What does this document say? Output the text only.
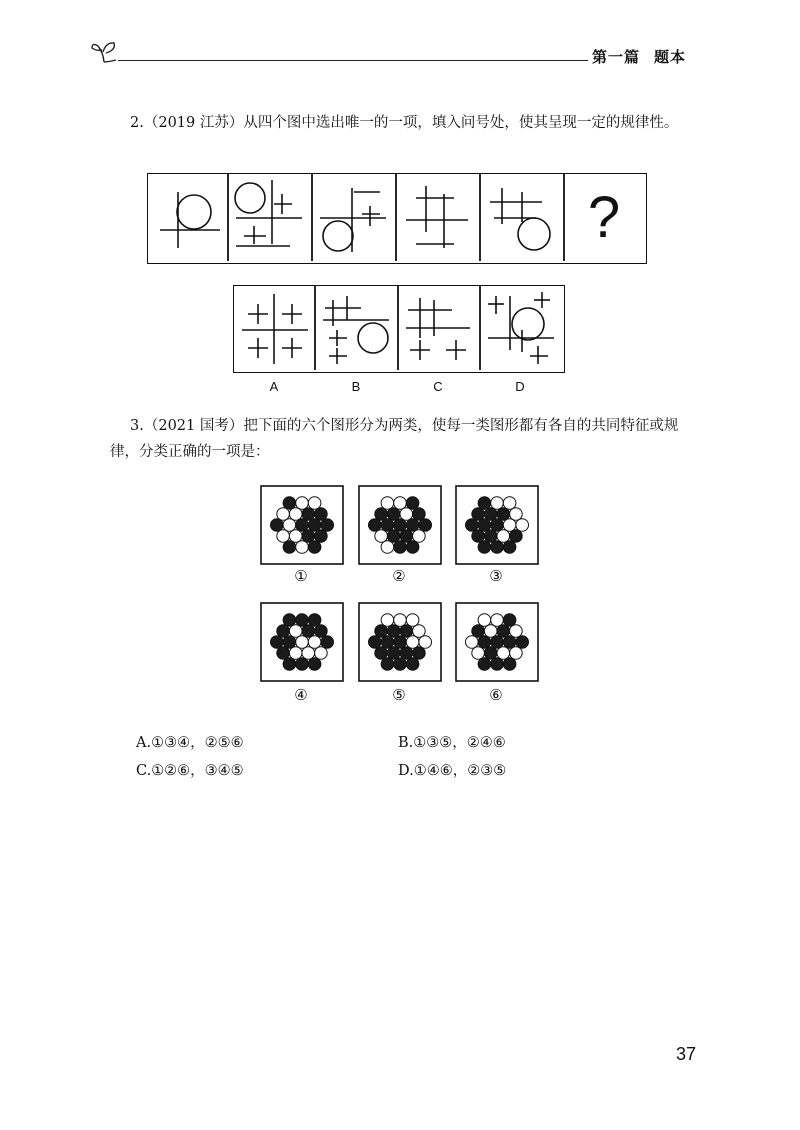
第一篇 题本
2.（2019 江苏）从四个图中选出唯一的一项，填入问号处，使其呈现一定的规律性。
?
A	B	C	D
3.（2021 国考）把下面的六个图形分为两类，使每一类图形都有各自的共同特征或规律，分类正确的一项是：
①	②	③
④	⑤	⑥
A.①③④，②⑤⑥	B.①③⑤，②④⑥
C.①②⑥，③④⑤	D.①④⑥，②③⑤
37
